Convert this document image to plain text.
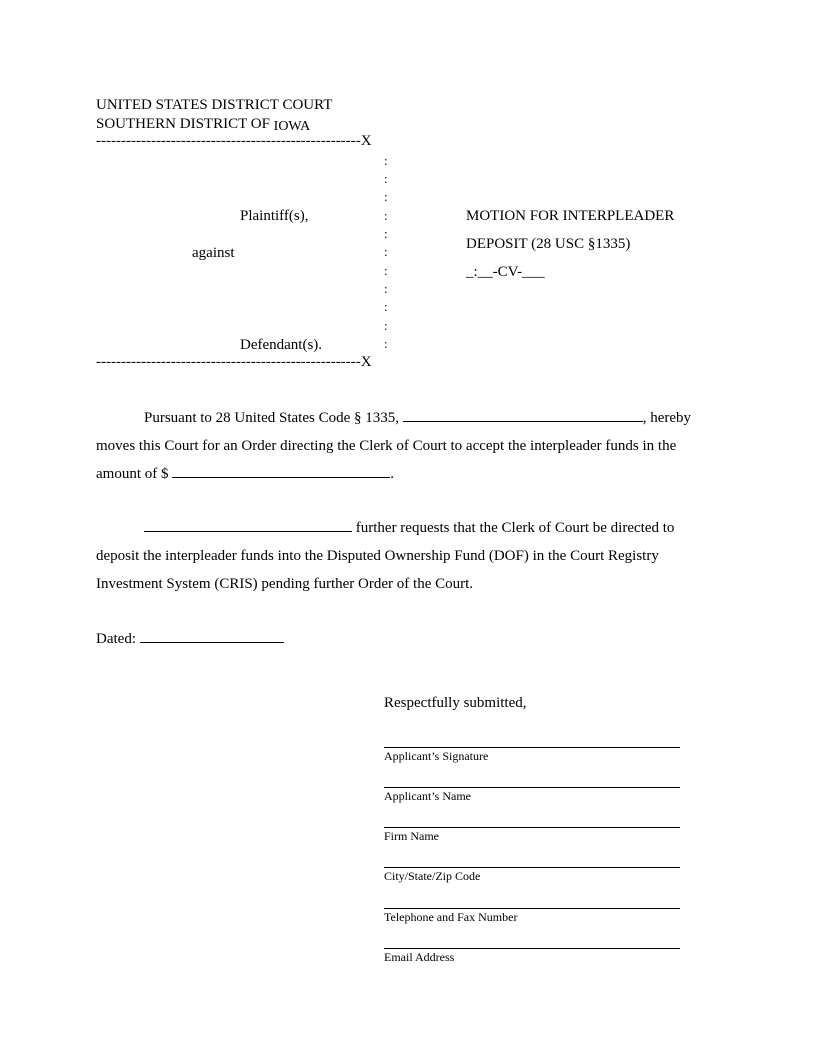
UNITED STATES DISTRICT COURT
SOUTHERN DISTRICT OF IOWA
-----------------------------------------------------X
-----------------------------------------------------X
:
:
:
:
:
:
:
:
:
:
:
Plaintiff(s),
against
Defendant(s).
MOTION FOR INTERPLEADER
DEPOSIT (28 USC §1335)
_:__-CV-___
Pursuant to 28 United States Code § 1335,	, hereby
moves this Court for an Order directing the Clerk of Court to accept the interpleader funds in the
amount of $	.
further requests that the Clerk of Court be directed to
deposit the interpleader funds into the Disputed Ownership Fund (DOF) in the Court Registry
Investment System (CRIS) pending further Order of the Court.
Dated:
Respectfully submitted,
Applicant’s Signature
Applicant’s Name
Firm Name
City/State/Zip Code
Telephone and Fax Number
Email Address
